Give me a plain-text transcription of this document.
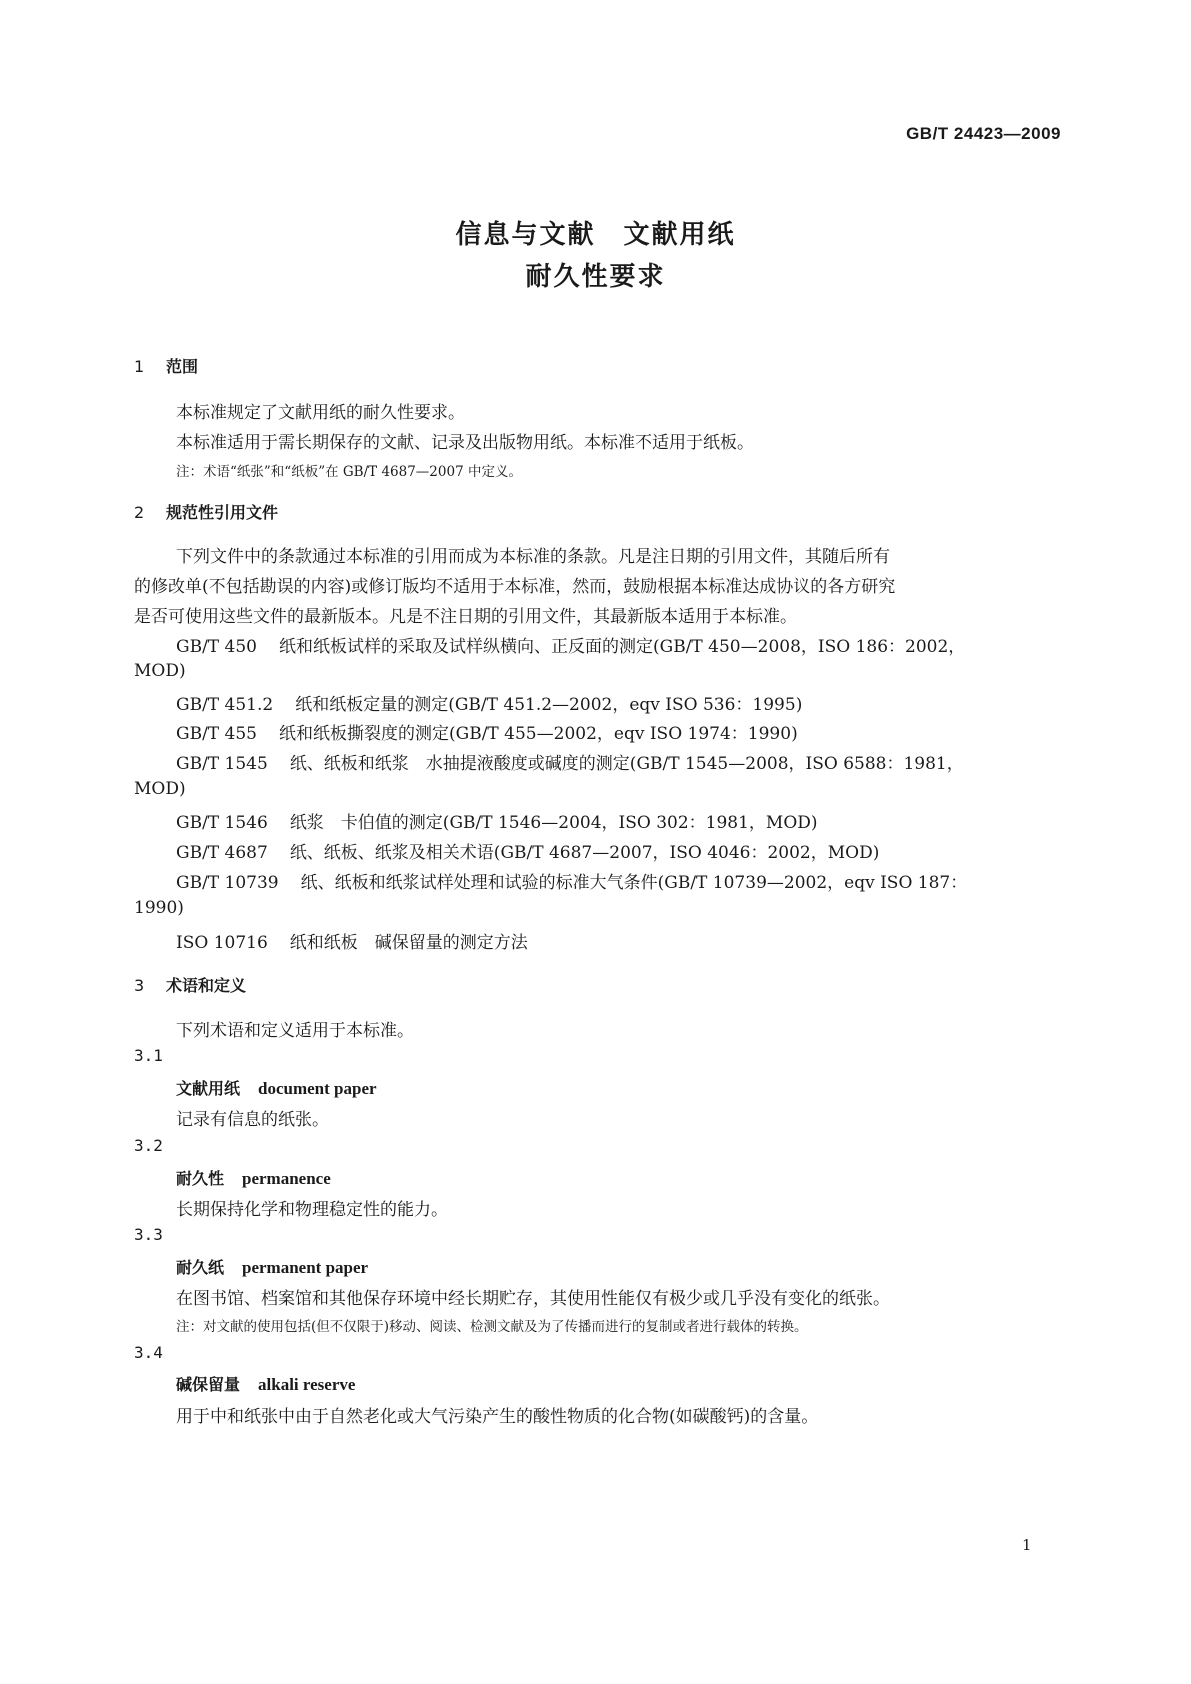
GB/T 24423—2009
信息与文献　文献用纸
耐久性要求
1 范围
本标准规定了文献用纸的耐久性要求。
本标准适用于需长期保存的文献、记录及出版物用纸。本标准不适用于纸板。
注：术语“纸张”和“纸板”在 GB/T 4687—2007 中定义。
2 规范性引用文件
下列文件中的条款通过本标准的引用而成为本标准的条款。凡是注日期的引用文件，其随后所有
的修改单(不包括勘误的内容)或修订版均不适用于本标准，然而，鼓励根据本标准达成协议的各方研究
是否可使用这些文件的最新版本。凡是不注日期的引用文件，其最新版本适用于本标准。
GB/T 450 纸和纸板试样的采取及试样纵横向、正反面的测定(GB/T 450—2008，ISO 186：2002，
MOD)
GB/T 451.2 纸和纸板定量的测定(GB/T 451.2—2002，eqv ISO 536：1995)
GB/T 455 纸和纸板撕裂度的测定(GB/T 455—2002，eqv ISO 1974：1990)
GB/T 1545 纸、纸板和纸浆　水抽提液酸度或碱度的测定(GB/T 1545—2008，ISO 6588：1981，
MOD)
GB/T 1546 纸浆　卡伯值的测定(GB/T 1546—2004，ISO 302：1981，MOD)
GB/T 4687 纸、纸板、纸浆及相关术语(GB/T 4687—2007，ISO 4046：2002，MOD)
GB/T 10739 纸、纸板和纸浆试样处理和试验的标准大气条件(GB/T 10739—2002，eqv ISO 187：
1990)
ISO 10716 纸和纸板　碱保留量的测定方法
3 术语和定义
下列术语和定义适用于本标准。
3.1
文献用纸 document paper
记录有信息的纸张。
3.2
耐久性 permanence
长期保持化学和物理稳定性的能力。
3.3
耐久纸 permanent paper
在图书馆、档案馆和其他保存环境中经长期贮存，其使用性能仅有极少或几乎没有变化的纸张。
注：对文献的使用包括(但不仅限于)移动、阅读、检测文献及为了传播而进行的复制或者进行载体的转换。
3.4
碱保留量 alkali reserve
用于中和纸张中由于自然老化或大气污染产生的酸性物质的化合物(如碳酸钙)的含量。
1
